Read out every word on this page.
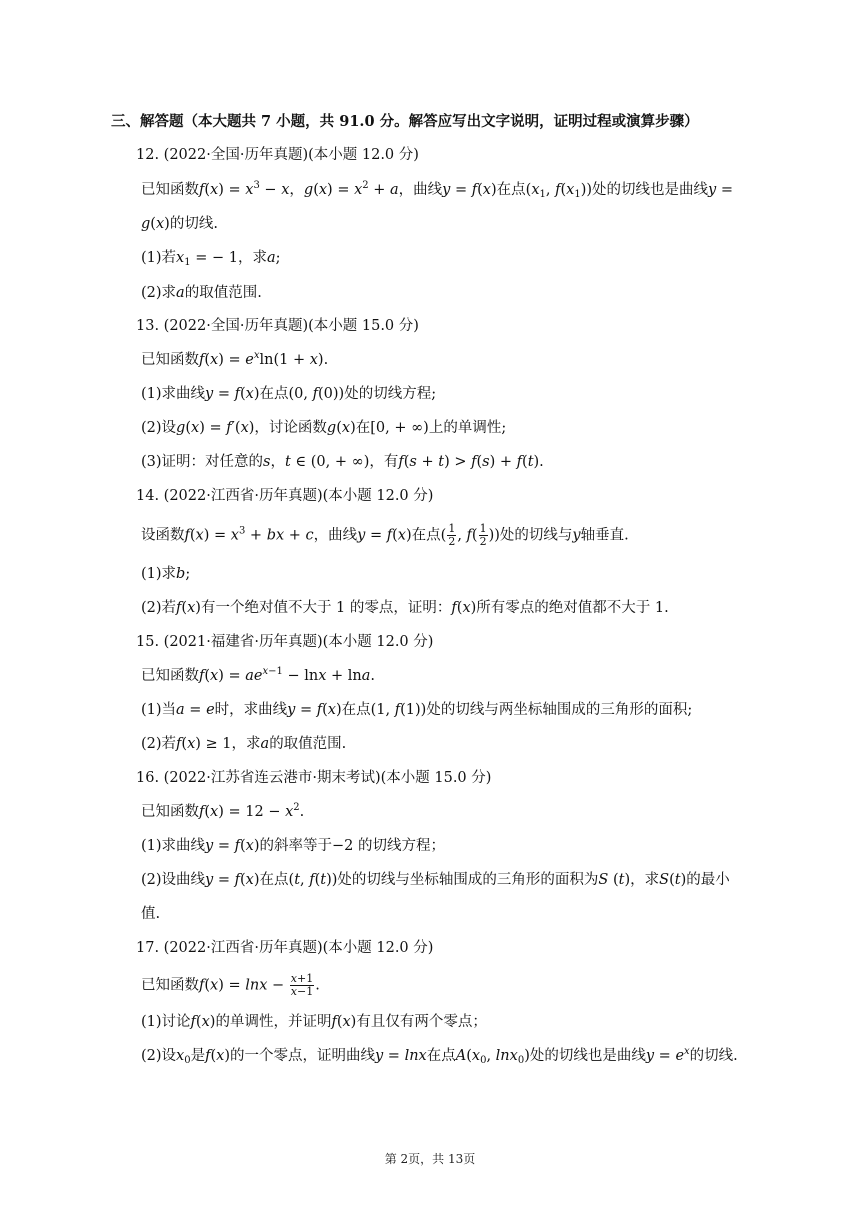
三、解答题（本大题共 7 小题，共 91.0 分。解答应写出文字说明，证明过程或演算步骤）
12. (2022·全国·历年真题)(本小题 12.0 分)
已知函数$f(x) = x^3 - x$，$g(x) = x^2 + a$，曲线y = f(x)在点($x_1$, $f(x_1)$)处的切线也是曲线y =
g(x)的切线.
(1)若$x_1$ = − 1，求a;
(2)求a的取值范围.
13. (2022·全国·历年真题)(本小题 15.0 分)
已知函数$f(x) = e^x\ln(1 + x)$.
(1)求曲线y = f(x)在点(0, f(0))处的切线方程;
(2)设g(x) = f′(x)，讨论函数g(x)在[0, + ∞)上的单调性;
(3)证明：对任意的s，t ∈ (0, + ∞)，有f(s + t) > f(s) + f(t).
14. (2022·江西省·历年真题)(本小题 12.0 分)
设函数$f(x) = x^3$ + bx + c，曲线y = f(x)在点( $\frac{1}{2}$ , $f( \frac{1}{2}$ ))处的切线与y轴垂直.
(1)求b;
(2)若f(x)有一个绝对值不大于 1 的零点，证明：f(x)所有零点的绝对值都不大于 1.
15. (2021·福建省·历年真题)(本小题 12.0 分)
已知函数$f(x) = ae^{x-1} - \ln x + \ln a$.
(1)当a = e时，求曲线y = f(x)在点(1, f(1))处的切线与两坐标轴围成的三角形的面积;
(2)若f(x) ≥ 1，求a的取值范围.
16. (2022·江苏省连云港市·期末考试)(本小题 15.0 分)
已知函数$f(x) = 12 - x^2$.
(1)求曲线y = f(x)的斜率等于−2 的切线方程；
(2)设曲线y = f(x)在点(t, f(t))处的切线与坐标轴围成的三角形的面积为S (t)，求S(t)的最小
值.
17. (2022·江西省·历年真题)(本小题 12.0 分)
已知函数$f(x) = \ln x - \frac{x+1}{x-1}$ .
(1)讨论f(x)的单调性，并证明f(x)有且仅有两个零点；
(2)设$x_0$是f(x)的一个零点，证明曲线y = lnx在点$A(x_0$, lnx$_0$)处的切线也是曲线$y = e^x$的切线.
第 2页，共 13页
